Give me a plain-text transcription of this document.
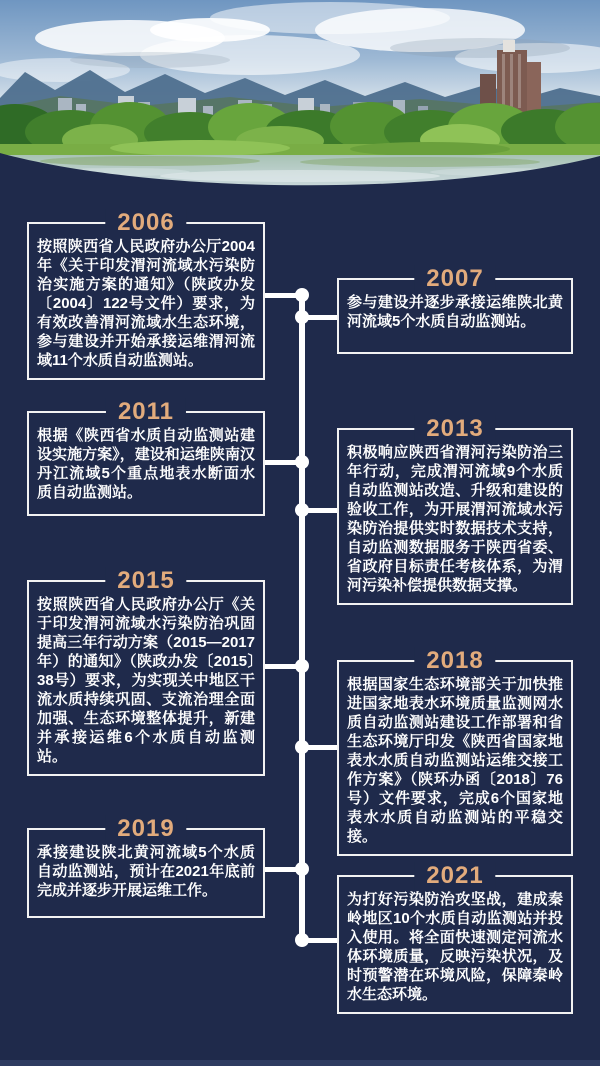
2006

按照陕西省人民政府办公厅2004年《关于印发渭河流域水污染防治实施方案的通知》（陕政办发〔2004〕122号文件）要求，为有效改善渭河流域水生态环境，参与建设并开始承接运维渭河流域11个水质自动监测站。

2007

参与建设并逐步承接运维陕北黄河流域5个水质自动监测站。

2011

根据《陕西省水质自动监测站建设实施方案》，建设和运维陕南汉丹江流域5个重点地表水断面水质自动监测站。

2013

积极响应陕西省渭河污染防治三年行动，完成渭河流域9个水质自动监测站改造、升级和建设的验收工作，为开展渭河流域水污染防治提供实时数据技术支持，自动监测数据服务于陕西省委、省政府目标责任考核体系，为渭河污染补偿提供数据支撑。

2015

按照陕西省人民政府办公厅《关于印发渭河流域水污染防治巩固提高三年行动方案（2015—2017年）的通知》（陕政办发〔2015〕38号）要求，为实现关中地区干流水质持续巩固、支流治理全面加强、生态环境整体提升，新建并承接运维6个水质自动监测站。

2018

根据国家生态环境部关于加快推进国家地表水环境质量监测网水质自动监测站建设工作部署和省生态环境厅印发《陕西省国家地表水水质自动监测站运维交接工作方案》（陕环办函〔2018〕76号）文件要求，完成6个国家地表水水质自动监测站的平稳交接。

2019

承接建设陕北黄河流域5个水质自动监测站，预计在2021年底前完成并逐步开展运维工作。

2021

为打好污染防治攻坚战，建成秦岭地区10个水质自动监测站并投入使用。将全面快速测定河流水体环境质量，反映污染状况，及时预警潜在环境风险，保障秦岭水生态环境。
